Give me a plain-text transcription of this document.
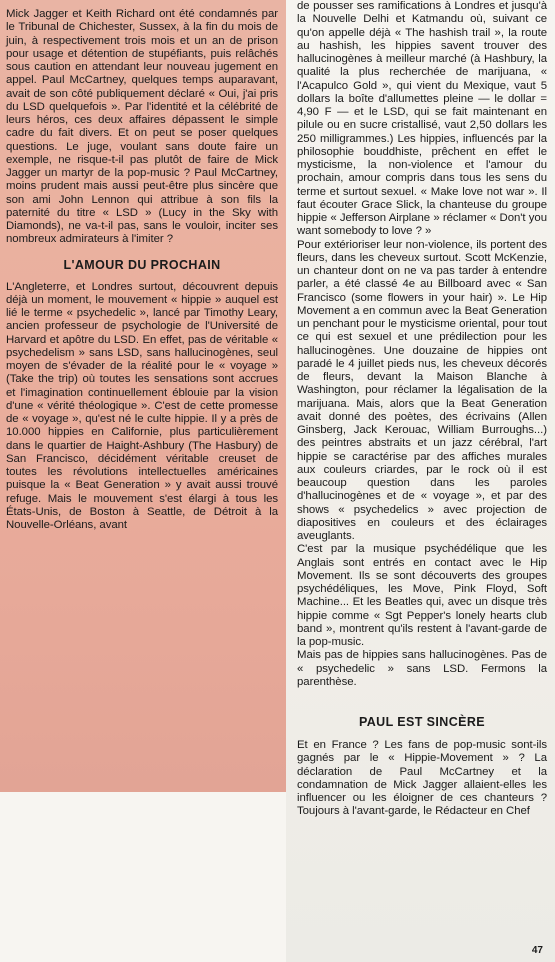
Mick Jagger et Keith Richard ont été condamnés par le Tribunal de Chichester, Sussex, à la fin du mois de juin, à respectivement trois mois et un an de prison pour usage et détention de stupéfiants, puis relâchés sous caution en attendant leur nouveau jugement en appel. Paul McCartney, quelques temps auparavant, avait de son côté publiquement déclaré « Oui, j'ai pris du LSD quelquefois ». Par l'identité et la célébrité de leurs héros, ces deux affaires dépassent le simple cadre du fait divers. Et on peut se poser quelques questions. Le juge, voulant sans doute faire un exemple, ne risque-t-il pas plutôt de faire de Mick Jagger un martyr de la pop-music ? Paul McCartney, moins prudent mais aussi peut-être plus sincère que son ami John Lennon qui attribue à son fils la paternité du titre « LSD » (Lucy in the Sky with Diamonds), ne va-t-il pas, sans le vouloir, inciter ses nombreux admirateurs à l'imiter ?

L'AMOUR DU PROCHAIN

L'Angleterre, et Londres surtout, découvrent depuis déjà un moment, le mouvement « hippie » auquel est lié le terme « psychedelic », lancé par Timothy Leary, ancien professeur de psychologie de l'Université de Harvard et apôtre du LSD. En effet, pas de véritable « psychedelism » sans LSD, sans hallucinogènes, seul moyen de s'évader de la réalité pour le « voyage » (Take the trip) où toutes les sensations sont accrues et l'imagination continuellement éblouie par la vision d'une « vérité théologique ». C'est de cette promesse de « voyage », qu'est né le culte hippie. Il y a près de 10.000 hippies en Californie, plus particulièrement dans le quartier de Haight-Ashbury (The Hasbury) de San Francisco, décidément véritable creuset de toutes les révolutions intellectuelles américaines puisque la « Beat Generation » y avait aussi trouvé refuge. Mais le mouvement s'est élargi à tous les États-Unis, de Boston à Seattle, de Détroit à la Nouvelle-Orléans, avant

de pousser ses ramifications à Londres et jusqu'à la Nouvelle Delhi et Katmandu où, suivant ce qu'on appelle déjà « The hashish trail », la route au hashish, les hippies savent trouver des hallucinogènes à meilleur marché (à Hashbury, la qualité la plus recherchée de marijuana, « l'Acapulco Gold », qui vient du Mexique, vaut 5 dollars la boîte d'allumettes pleine — le dollar = 4,90 F — et le LSD, qui se fait maintenant en pilule ou en sucre cristallisé, vaut 2,50 dollars les 250 milligrammes.) Les hippies, influencés par la philosophie bouddhiste, prêchent en effet le mysticisme, la non-violence et l'amour du prochain, amour compris dans tous les sens du terme et surtout sexuel. « Make love not war ». Il faut écouter Grace Slick, la chanteuse du groupe hippie « Jefferson Airplane » réclamer « Don't you want somebody to love ? »

Pour extérioriser leur non-violence, ils portent des fleurs, dans les cheveux surtout. Scott McKenzie, un chanteur dont on ne va pas tarder à entendre parler, a été classé 4e au Billboard avec « San Francisco (some flowers in your hair) ». Le Hip Movement a en commun avec la Beat Generation un penchant pour le mysticisme oriental, pour tout ce qui est sexuel et une prédilection pour les hallucinogènes. Une douzaine de hippies ont paradé le 4 juillet pieds nus, les cheveux décorés de fleurs, devant la Maison Blanche à Washington, pour réclamer la légalisation de la marijuana. Mais, alors que la Beat Generation avait donné des poètes, des écrivains (Allen Ginsberg, Jack Kerouac, William Burroughs...) des peintres abstraits et un jazz cérébral, l'art hippie se caractérise par des affiches murales aux couleurs criardes, par le rock où il est beaucoup question dans les paroles d'hallucinogènes et de « voyage », et par des shows « psychedelics » avec projection de diapositives en couleurs et des éclairages aveuglants.

C'est par la musique psychédélique que les Anglais sont entrés en contact avec le Hip Movement. Ils se sont découverts des groupes psychédéliques, les Move, Pink Floyd, Soft Machine... Et les Beatles qui, avec un disque très hippie comme « Sgt Pepper's lonely hearts club band », montrent qu'ils restent à l'avant-garde de la pop-music.

Mais pas de hippies sans hallucinogènes. Pas de « psychedelic » sans LSD. Fermons la parenthèse.

PAUL EST SINCÈRE

Et en France ? Les fans de pop-music sont-ils gagnés par le « Hippie-Movement » ? La déclaration de Paul McCartney et la condamnation de Mick Jagger allaient-elles les influencer ou les éloigner de ces chanteurs ? Toujours à l'avant-garde, le Rédacteur en Chef

47
